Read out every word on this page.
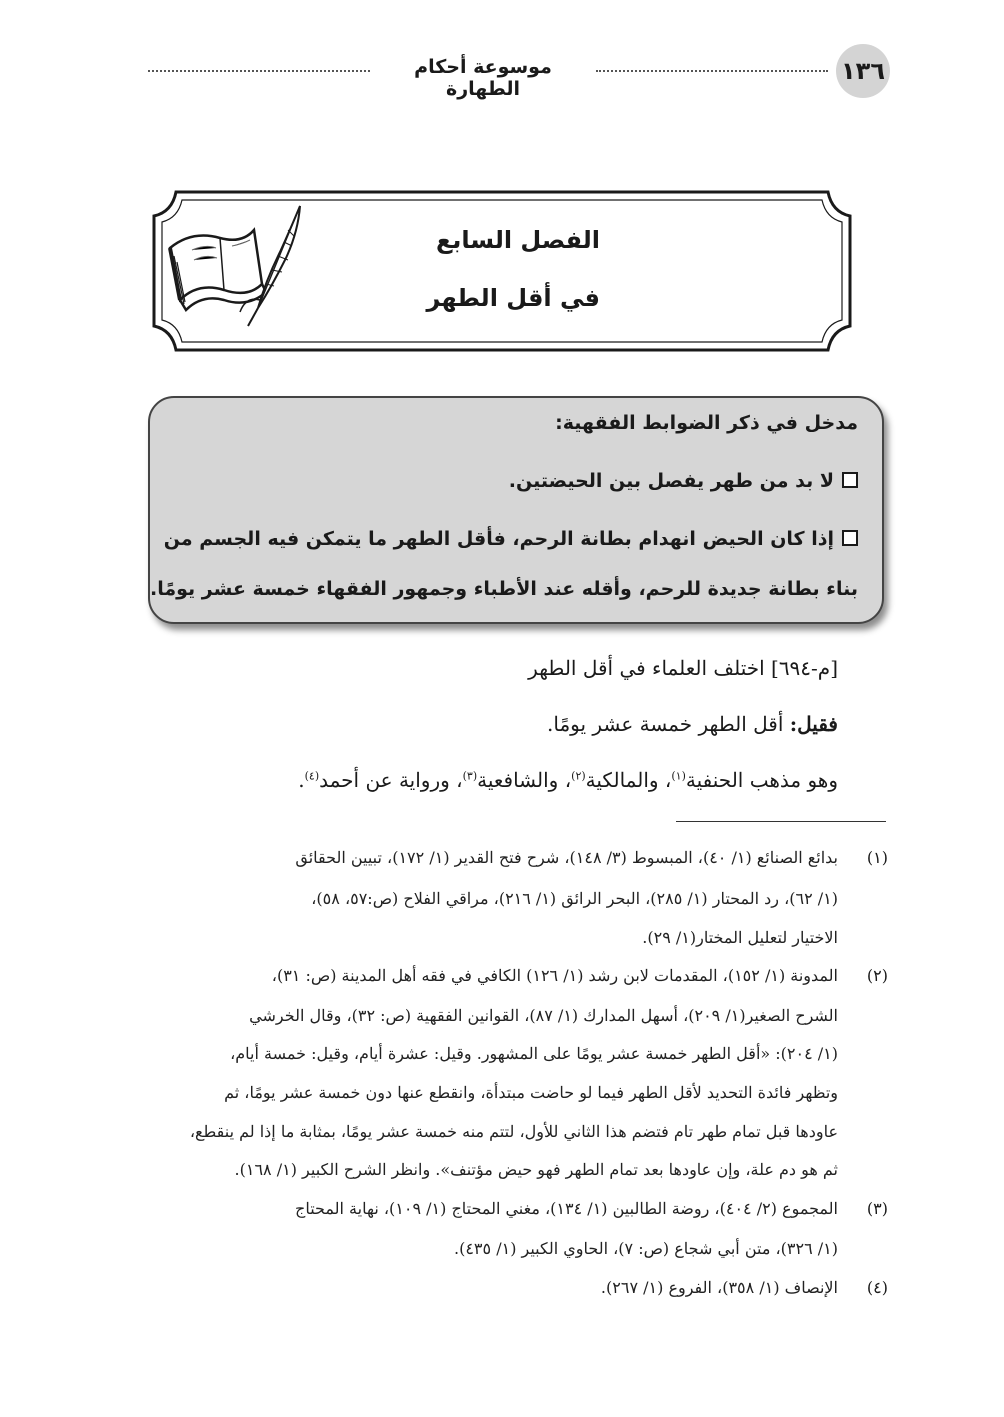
١٣٦
موسوعة أحكام الطهارة
الفصل السابع
في أقل الطهر
مدخل في ذكر الضوابط الفقهية:
لا بد من طهر يفصل بين الحيضتين.
إذا كان الحيض انهدام بطانة الرحم، فأقل الطهر ما يتمكن فيه الجسم من
بناء بطانة جديدة للرحم، وأقله عند الأطباء وجمهور الفقهاء خمسة عشر يومًا.
[م-٦٩٤] اختلف العلماء في أقل الطهر
فقيل: أقل الطهر خمسة عشر يومًا.
وهو مذهب الحنفية$^{(١)}$، والمالكية$^{(٢)}$، والشافعية$^{(٣)}$، ورواية عن أحمد$^{(٤)}$.
(١)
بدائع الصنائع (١/ ٤٠)، المبسوط (٣/ ١٤٨)، شرح فتح القدير (١/ ١٧٢)، تبيين الحقائق
(١/ ٦٢)، رد المحتار (١/ ٢٨٥)، البحر الرائق (١/ ٢١٦)، مراقي الفلاح (ص:٥٧، ٥٨)،
الاختيار لتعليل المختار(١/ ٢٩).
(٢)
المدونة (١/ ١٥٢)، المقدمات لابن رشد (١/ ١٢٦) الكافي في فقه أهل المدينة (ص: ٣١)،
الشرح الصغير(١/ ٢٠٩)، أسهل المدارك (١/ ٨٧)، القوانين الفقهية (ص: ٣٢)، وقال الخرشي
(١/ ٢٠٤): «أقل الطهر خمسة عشر يومًا على المشهور. وقيل: عشرة أيام، وقيل: خمسة أيام،
وتظهر فائدة التحديد لأقل الطهر فيما لو حاضت مبتدأة، وانقطع عنها دون خمسة عشر يومًا، ثم
عاودها قبل تمام طهر تام فتضم هذا الثاني للأول، لتتم منه خمسة عشر يومًا، بمثابة ما إذا لم ينقطع،
ثم هو دم علة، وإن عاودها بعد تمام الطهر فهو حيض مؤتنف». وانظر الشرح الكبير (١/ ١٦٨).
(٣)
المجموع (٢/ ٤٠٤)، روضة الطالبين (١/ ١٣٤)، مغني المحتاج (١/ ١٠٩)، نهاية المحتاج
(١/ ٣٢٦)، متن أبي شجاع (ص: ٧)، الحاوي الكبير (١/ ٤٣٥).
(٤)
الإنصاف (١/ ٣٥٨)، الفروع (١/ ٢٦٧).
